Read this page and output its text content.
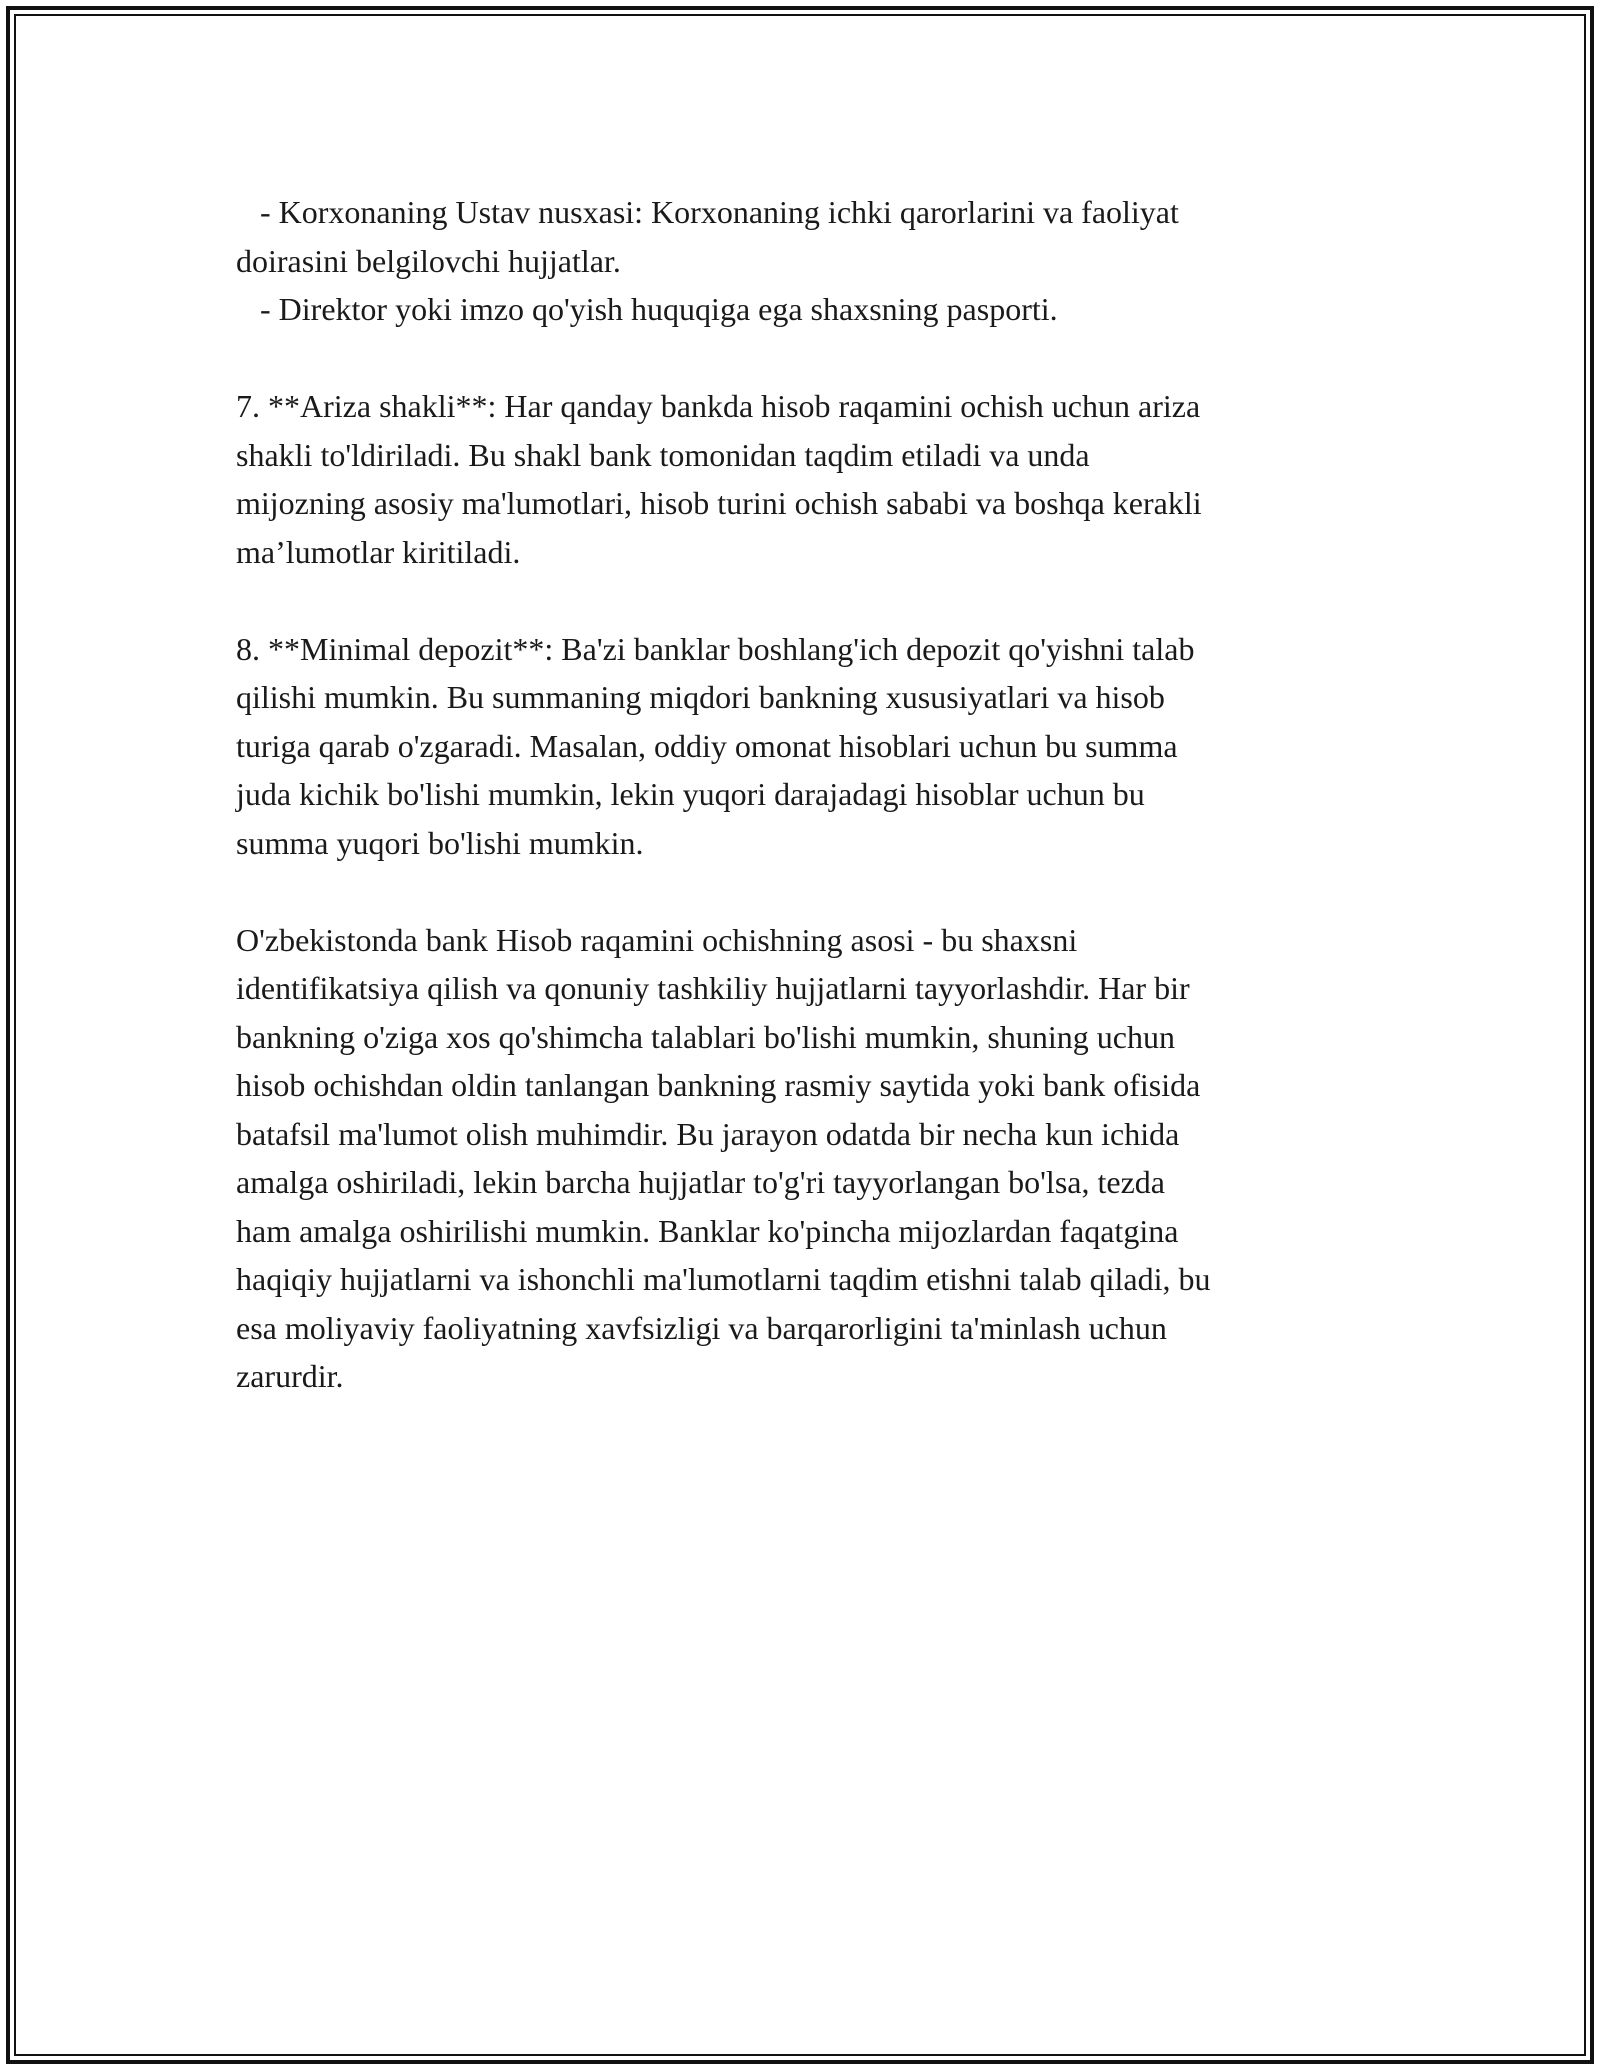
- Korxonaning Ustav nusxasi: Korxonaning ichki qarorlarini va faoliyat

doirasini belgilovchi hujjatlar.

- Direktor yoki imzo qo'yish huquqiga ega shaxsning pasporti.

7. **Ariza shakli**: Har qanday bankda hisob raqamini ochish uchun ariza

shakli to'ldiriladi. Bu shakl bank tomonidan taqdim etiladi va unda

mijozning asosiy ma'lumotlari, hisob turini ochish sababi va boshqa kerakli

ma’lumotlar kiritiladi.

8. **Minimal depozit**: Ba'zi banklar boshlang'ich depozit qo'yishni talab

qilishi mumkin. Bu summaning miqdori bankning xususiyatlari va hisob

turiga qarab o'zgaradi. Masalan, oddiy omonat hisoblari uchun bu summa

juda kichik bo'lishi mumkin, lekin yuqori darajadagi hisoblar uchun bu

summa yuqori bo'lishi mumkin.

O'zbekistonda bank Hisob raqamini ochishning asosi - bu shaxsni

identifikatsiya qilish va qonuniy tashkiliy hujjatlarni tayyorlashdir. Har bir

bankning o'ziga xos qo'shimcha talablari bo'lishi mumkin, shuning uchun

hisob ochishdan oldin tanlangan bankning rasmiy saytida yoki bank ofisida

batafsil ma'lumot olish muhimdir. Bu jarayon odatda bir necha kun ichida

amalga oshiriladi, lekin barcha hujjatlar to'g'ri tayyorlangan bo'lsa, tezda

ham amalga oshirilishi mumkin. Banklar ko'pincha mijozlardan faqatgina

haqiqiy hujjatlarni va ishonchli ma'lumotlarni taqdim etishni talab qiladi, bu

esa moliyaviy faoliyatning xavfsizligi va barqarorligini ta'minlash uchun

zarurdir.
